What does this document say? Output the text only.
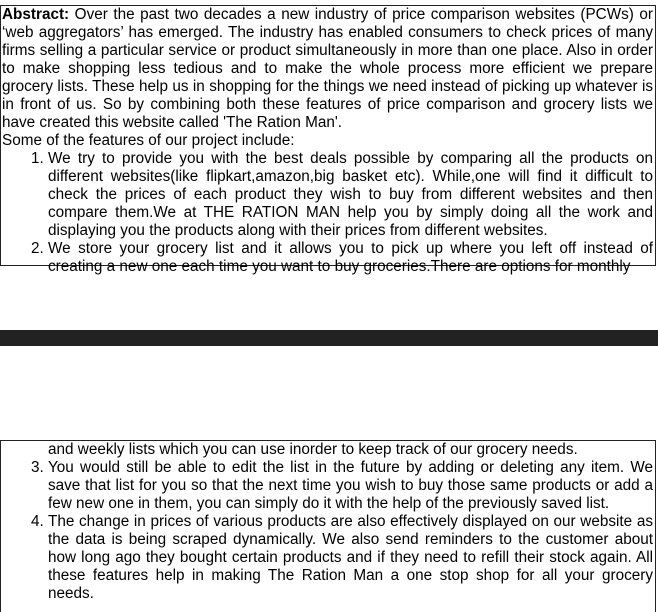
Abstract: Over the past two decades a new industry of price comparison websites (PCWs) or ‘web aggregators’ has emerged. The industry has enabled consumers to check prices of many firms selling a particular service or product simultaneously in more than one place. Also in order to make shopping less tedious and to make the whole process more efficient we prepare grocery lists. These help us in shopping for the things we need instead of picking up whatever is in front of us. So by combining both these features of price comparison and grocery lists we have created this website called 'The Ration Man'.

Some of the features of our project include:

1. We try to provide you with the best deals possible by comparing all the products on different websites(like flipkart,amazon,big basket etc). While,one will find it difficult to check the prices of each product they wish to buy from different websites and then compare them.We at THE RATION MAN help you by simply doing all the work and displaying you the products along with their prices from different websites.
2. We store your grocery list and it allows you to pick up where you left off instead of creating a new one each time you want to buy groceries.There are options for monthly

and weekly lists which you can use inorder to keep track of our grocery needs.

3. You would still be able to edit the list in the future by adding or deleting any item. We save that list for you so that the next time you wish to buy those same products or add a few new one in them, you can simply do it with the help of the previously saved list.
4. The change in prices of various products are also effectively displayed on our website as the data is being scraped dynamically. We also send reminders to the customer about how long ago they bought certain products and if they need to refill their stock again. All these features help in making The Ration Man a one stop shop for all your grocery needs.
